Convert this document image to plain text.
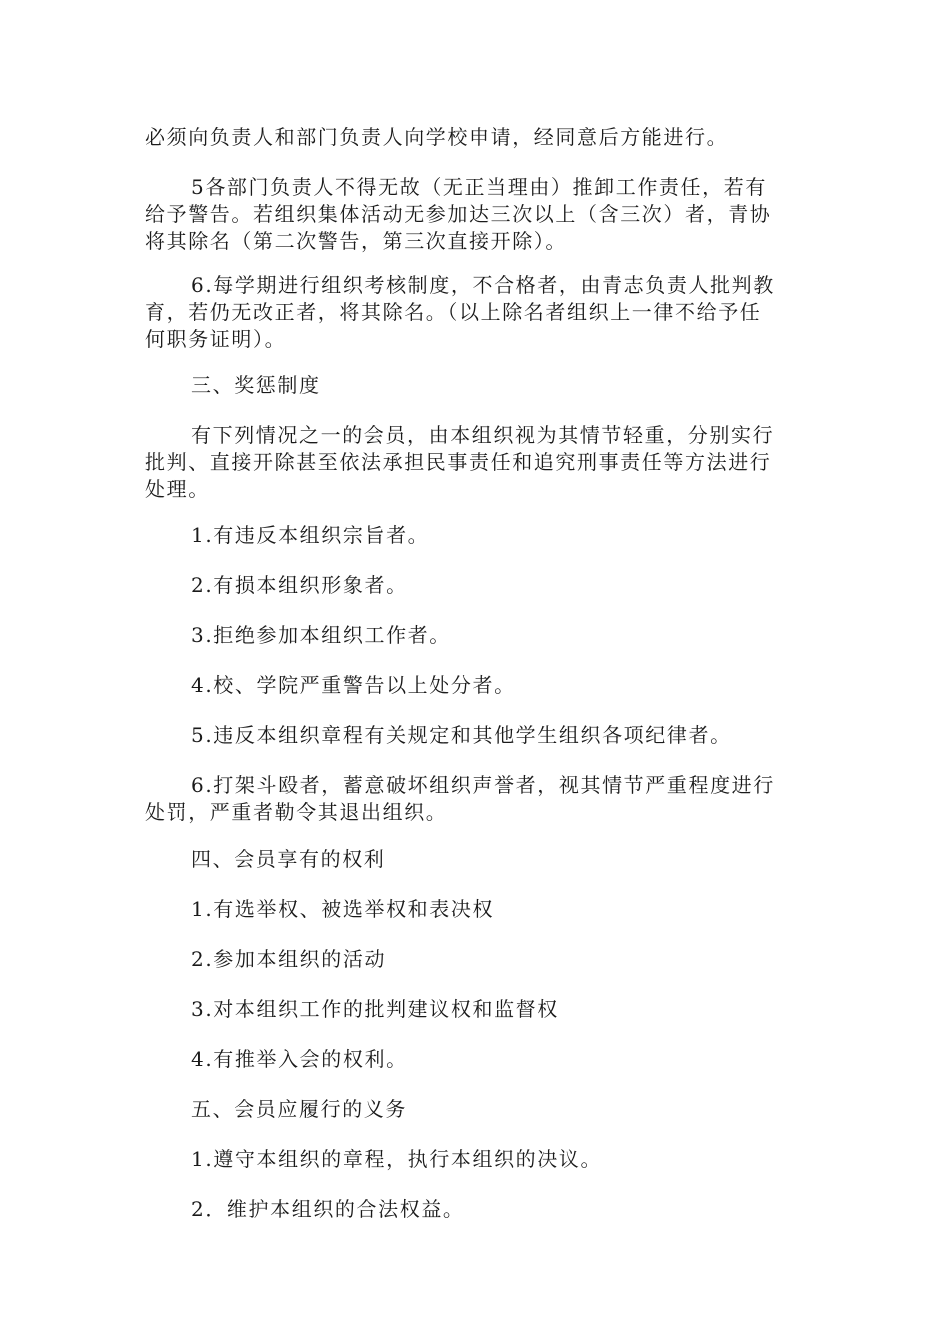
必须向负责人和部门负责人向学校申请，经同意后方能进行。
5各部门负责人不得无故（无正当理由）推卸工作责任，若有
给予警告。若组织集体活动无参加达三次以上（含三次）者，青协
将其除名（第二次警告，第三次直接开除）。
6.每学期进行组织考核制度，不合格者，由青志负责人批判教
育，若仍无改正者，将其除名。（以上除名者组织上一律不给予任
何职务证明）。
三、奖惩制度
有下列情况之一的会员，由本组织视为其情节轻重，分别实行
批判、直接开除甚至依法承担民事责任和追究刑事责任等方法进行
处理。
1.有违反本组织宗旨者。
2.有损本组织形象者。
3.拒绝参加本组织工作者。
4.校、学院严重警告以上处分者。
5.违反本组织章程有关规定和其他学生组织各项纪律者。
6.打架斗殴者，蓄意破坏组织声誉者，视其情节严重程度进行
处罚，严重者勒令其退出组织。
四、会员享有的权利
1.有选举权、被选举权和表决权
2.参加本组织的活动
3.对本组织工作的批判建议权和监督权
4.有推举入会的权利。
五、会员应履行的义务
1.遵守本组织的章程，执行本组织的决议。
2．维护本组织的合法权益。
